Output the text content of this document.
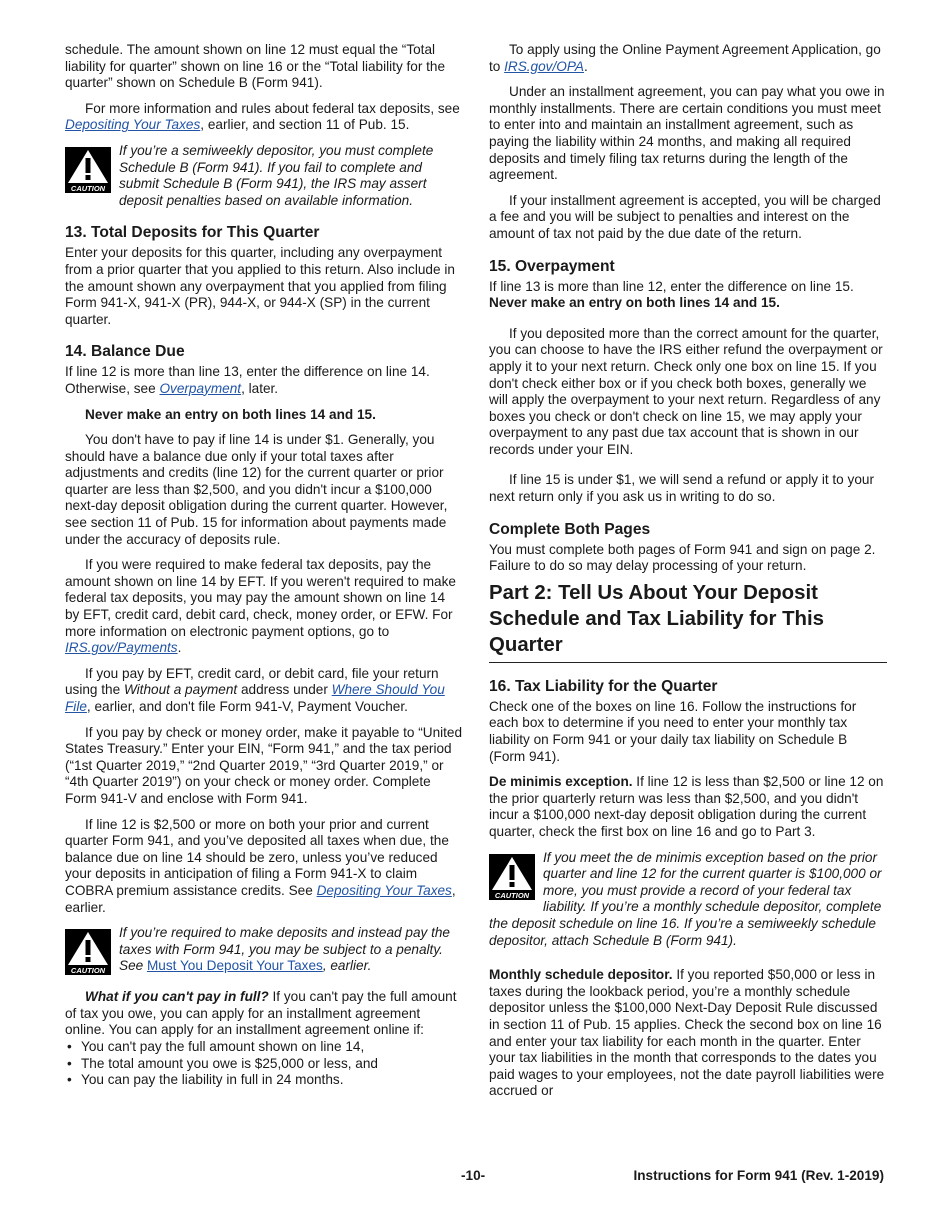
schedule. The amount shown on line 12 must equal the “Total liability for quarter” shown on line 16 or the “Total liability for the quarter” shown on Schedule B (Form 941).

For more information and rules about federal tax deposits, see Depositing Your Taxes, earlier, and section 11 of Pub. 15.

CAUTION
If you’re a semiweekly depositor, you must complete Schedule B (Form 941). If you fail to complete and submit Schedule B (Form 941), the IRS may assert deposit penalties based on available information.
13. Total Deposits for This Quarter

Enter your deposits for this quarter, including any overpayment from a prior quarter that you applied to this return. Also include in the amount shown any overpayment that you applied from filing Form 941-X, 941-X (PR), 944-X, or 944-X (SP) in the current quarter.

14. Balance Due

If line 12 is more than line 13, enter the difference on line 14. Otherwise, see Overpayment, later.

Never make an entry on both lines 14 and 15.

You don't have to pay if line 14 is under $1. Generally, you should have a balance due only if your total taxes after adjustments and credits (line 12) for the current quarter or prior quarter are less than $2,500, and you didn't incur a $100,000 next-day deposit obligation during the current quarter. However, see section 11 of Pub. 15 for information about payments made under the accuracy of deposits rule.

If you were required to make federal tax deposits, pay the amount shown on line 14 by EFT. If you weren't required to make federal tax deposits, you may pay the amount shown on line 14 by EFT, credit card, debit card, check, money order, or EFW. For more information on electronic payment options, go to IRS.gov/Payments.

If you pay by EFT, credit card, or debit card, file your return using the Without a payment address under Where Should You File, earlier, and don't file Form 941-V, Payment Voucher.

If you pay by check or money order, make it payable to “United States Treasury.” Enter your EIN, “Form 941,” and the tax period (“1st Quarter 2019,” “2nd Quarter 2019,” “3rd Quarter 2019,” or “4th Quarter 2019”) on your check or money order. Complete Form 941-V and enclose with Form 941.

If line 12 is $2,500 or more on both your prior and current quarter Form 941, and you’ve deposited all taxes when due, the balance due on line 14 should be zero, unless you’ve reduced your deposits in anticipation of filing a Form 941-X to claim COBRA premium assistance credits. See Depositing Your Taxes, earlier.

CAUTION
If you’re required to make deposits and instead pay the taxes with Form 941, you may be subject to a penalty. See Must You Deposit Your Taxes, earlier.

What if you can't pay in full? If you can't pay the full amount of tax you owe, you can apply for an installment agreement online. You can apply for an installment agreement online if:

• You can't pay the full amount shown on line 14,
• The total amount you owe is $25,000 or less, and
• You can pay the liability in full in 24 months.

To apply using the Online Payment Agreement Application, go to IRS.gov/OPA.

Under an installment agreement, you can pay what you owe in monthly installments. There are certain conditions you must meet to enter into and maintain an installment agreement, such as paying the liability within 24 months, and making all required deposits and timely filing tax returns during the length of the agreement.

If your installment agreement is accepted, you will be charged a fee and you will be subject to penalties and interest on the amount of tax not paid by the due date of the return.

15. Overpayment

If line 13 is more than line 12, enter the difference on line 15. Never make an entry on both lines 14 and 15.

If you deposited more than the correct amount for the quarter, you can choose to have the IRS either refund the overpayment or apply it to your next return. Check only one box on line 15. If you don't check either box or if you check both boxes, generally we will apply the overpayment to your next return. Regardless of any boxes you check or don't check on line 15, we may apply your overpayment to any past due tax account that is shown in our records under your EIN.

If line 15 is under $1, we will send a refund or apply it to your next return only if you ask us in writing to do so.

Complete Both Pages

You must complete both pages of Form 941 and sign on page 2. Failure to do so may delay processing of your return.

Part 2: Tell Us About Your Deposit Schedule and Tax Liability for This Quarter
16. Tax Liability for the Quarter

Check one of the boxes on line 16. Follow the instructions for each box to determine if you need to enter your monthly tax liability on Form 941 or your daily tax liability on Schedule B (Form 941).

De minimis exception. If line 12 is less than $2,500 or line 12 on the prior quarterly return was less than $2,500, and you didn't incur a $100,000 next-day deposit obligation during the current quarter, check the first box on line 16 and go to Part 3.

CAUTION
If you meet the de minimis exception based on the prior quarter and line 12 for the current quarter is $100,000 or more, you must provide a record of your federal tax liability. If you’re a monthly schedule depositor, complete the deposit schedule on line 16. If you’re a semiweekly schedule depositor, attach Schedule B (Form 941).

Monthly schedule depositor. If you reported $50,000 or less in taxes during the lookback period, you’re a monthly schedule depositor unless the $100,000 Next-Day Deposit Rule discussed in section 11 of Pub. 15 applies. Check the second box on line 16 and enter your tax liability for each month in the quarter. Enter your tax liabilities in the month that corresponds to the dates you paid wages to your employees, not the date payroll liabilities were accrued or

-10-	Instructions for Form 941 (Rev. 1-2019)
